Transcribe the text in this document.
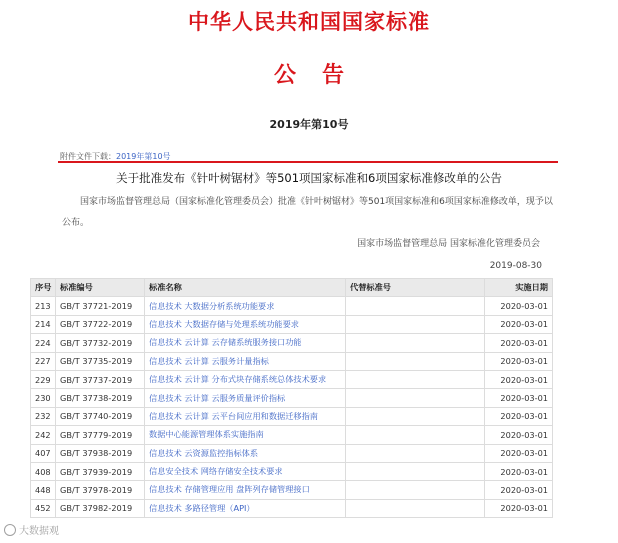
中华人民共和国国家标准
公告
2019年第10号
附件文件下载：2019年第10号
关于批准发布《针叶树锯材》等501项国家标准和6项国家标准修改单的公告
国家市场监督管理总局（国家标准化管理委员会）批准《针叶树锯材》等501项国家标准和6项国家标准修改单，现予以公布。
国家市场监督管理总局 国家标准化管理委员会
2019-08-30
序号	标准编号	标准名称	代替标准号	实施日期
213	GB/T 37721-2019	信息技术 大数据分析系统功能要求		2020-03-01
214	GB/T 37722-2019	信息技术 大数据存储与处理系统功能要求		2020-03-01
224	GB/T 37732-2019	信息技术 云计算 云存储系统服务接口功能		2020-03-01
227	GB/T 37735-2019	信息技术 云计算 云服务计量指标		2020-03-01
229	GB/T 37737-2019	信息技术 云计算 分布式块存储系统总体技术要求		2020-03-01
230	GB/T 37738-2019	信息技术 云计算 云服务质量评价指标		2020-03-01
232	GB/T 37740-2019	信息技术 云计算 云平台间应用和数据迁移指南		2020-03-01
242	GB/T 37779-2019	数据中心能源管理体系实施指南		2020-03-01
407	GB/T 37938-2019	信息技术 云资源监控指标体系		2020-03-01
408	GB/T 37939-2019	信息安全技术 网络存储安全技术要求		2020-03-01
448	GB/T 37978-2019	信息技术 存储管理应用 盘阵列存储管理接口		2020-03-01
452	GB/T 37982-2019	信息技术 多路径管理（API）		2020-03-01
大数据观
